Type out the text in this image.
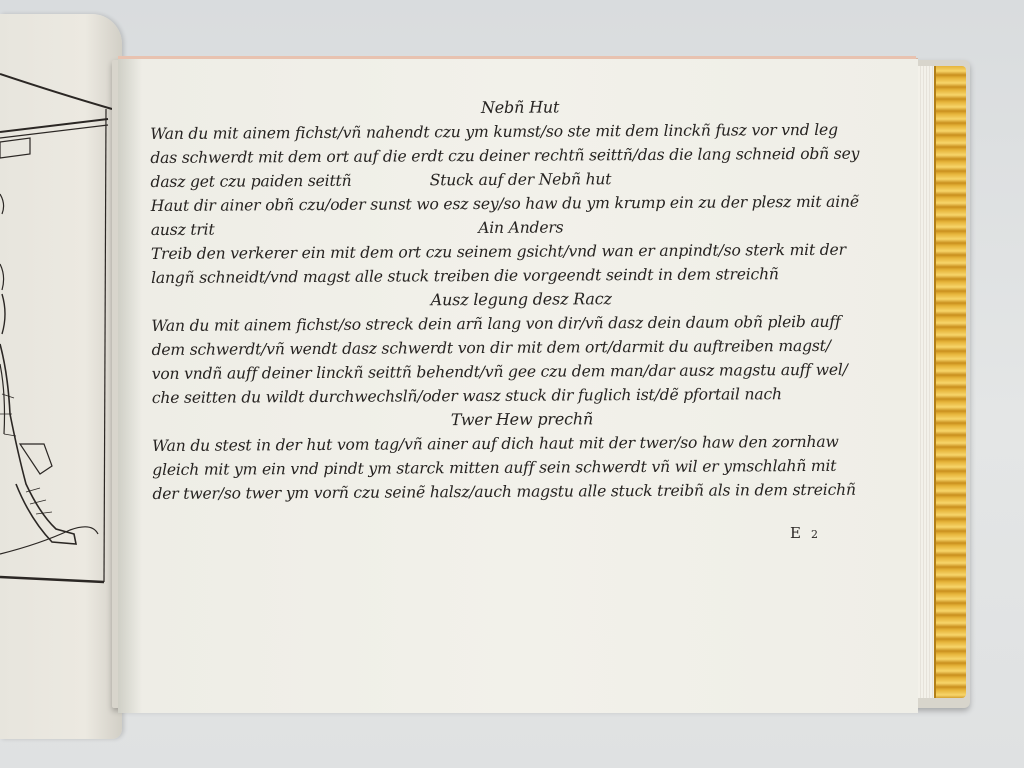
Nebñ Hut
Wan du mit ainem fichst/vñ nahendt czu ym kumst/so ste mit dem linckñ fusz vor vnd leg
das schwerdt mit dem ort auf die erdt czu deiner rechtñ seittñ/das die lang schneid obñ sey
dasz get czu paiden seittñ	Stuck auf der Nebñ hut
Haut dir ainer obñ czu/oder sunst wo esz sey/so haw du ym krump ein zu der plesz mit ainẽ
ausz trit	Ain Anders
Treib den verkerer ein mit dem ort czu seinem gsicht/vnd wan er anpindt/so sterk mit der
langñ schneidt/vnd magst alle stuck treiben die vorgeendt seindt in dem streichñ
Ausz legung desz Racz
Wan du mit ainem fichst/so streck dein arñ lang von dir/vñ dasz dein daum obñ pleib auff
dem schwerdt/vñ wendt dasz schwerdt von dir mit dem ort/darmit du auftreiben magst/
von vndñ auff deiner linckñ seittñ behendt/vñ gee czu dem man/dar ausz magstu auff wel/
che seitten du wildt durchwechslñ/oder wasz stuck dir fuglich ist/dẽ pfortail nach
Twer Hew prechñ
Wan du stest in der hut vom tag/vñ ainer auf dich haut mit der twer/so haw den zornhaw
gleich mit ym ein vnd pindt ym starck mitten auff sein schwerdt vñ wil er ymschlahñ mit
der twer/so twer ym vorñ czu seinẽ halsz/auch magstu alle stuck treibñ als in dem streichñ
E 2
